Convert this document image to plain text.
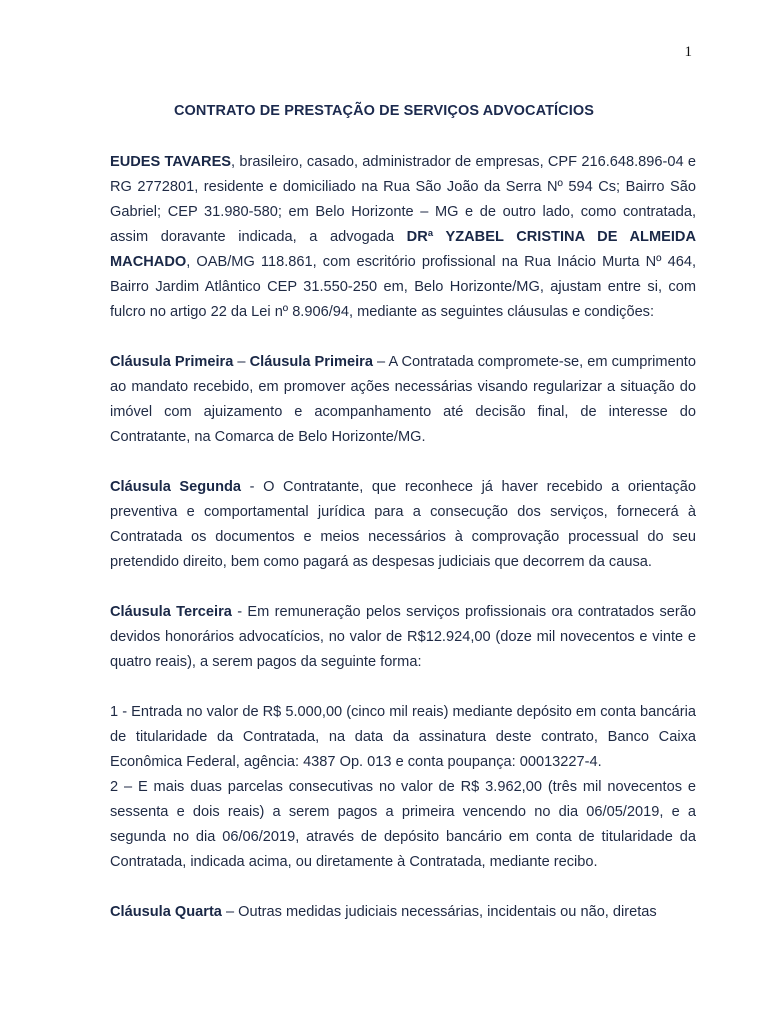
1
CONTRATO DE PRESTAÇÃO DE SERVIÇOS ADVOCATÍCIOS

EUDES TAVARES, brasileiro, casado, administrador de empresas, CPF 216.648.896-04 e RG 2772801, residente e domiciliado na Rua São João da Serra Nº 594 Cs; Bairro São Gabriel; CEP 31.980-580; em Belo Horizonte – MG e de outro lado, como contratada, assim doravante indicada, a advogada DRª YZABEL CRISTINA DE ALMEIDA MACHADO, OAB/MG 118.861, com escritório profissional na Rua Inácio Murta Nº 464, Bairro Jardim Atlântico CEP 31.550-250 em, Belo Horizonte/MG, ajustam entre si, com fulcro no artigo 22 da Lei nº 8.906/94, mediante as seguintes cláusulas e condições:

Cláusula Primeira – Cláusula Primeira – A Contratada compromete-se, em cumprimento ao mandato recebido, em promover ações necessárias visando regularizar a situação do imóvel com ajuizamento e acompanhamento até decisão final, de interesse do Contratante, na Comarca de Belo Horizonte/MG.

Cláusula Segunda - O Contratante, que reconhece já haver recebido a orientação preventiva e comportamental jurídica para a consecução dos serviços, fornecerá à Contratada os documentos e meios necessários à comprovação processual do seu pretendido direito, bem como pagará as despesas judiciais que decorrem da causa.

Cláusula Terceira - Em remuneração pelos serviços profissionais ora contratados serão devidos honorários advocatícios, no valor de R$12.924,00 (doze mil novecentos e vinte e quatro reais), a serem pagos da seguinte forma:

1 - Entrada no valor de R$ 5.000,00 (cinco mil reais) mediante depósito em conta bancária de titularidade da Contratada, na data da assinatura deste contrato, Banco Caixa Econômica Federal, agência: 4387 Op. 013 e conta poupança: 00013227-4.

2 – E mais duas parcelas consecutivas no valor de R$ 3.962,00 (três mil novecentos e sessenta e dois reais) a serem pagos a primeira vencendo no dia 06/05/2019, e a segunda no dia 06/06/2019, através de depósito bancário em conta de titularidade da Contratada, indicada acima, ou diretamente à Contratada, mediante recibo.

Cláusula Quarta – Outras medidas judiciais necessárias, incidentais ou não, diretas
